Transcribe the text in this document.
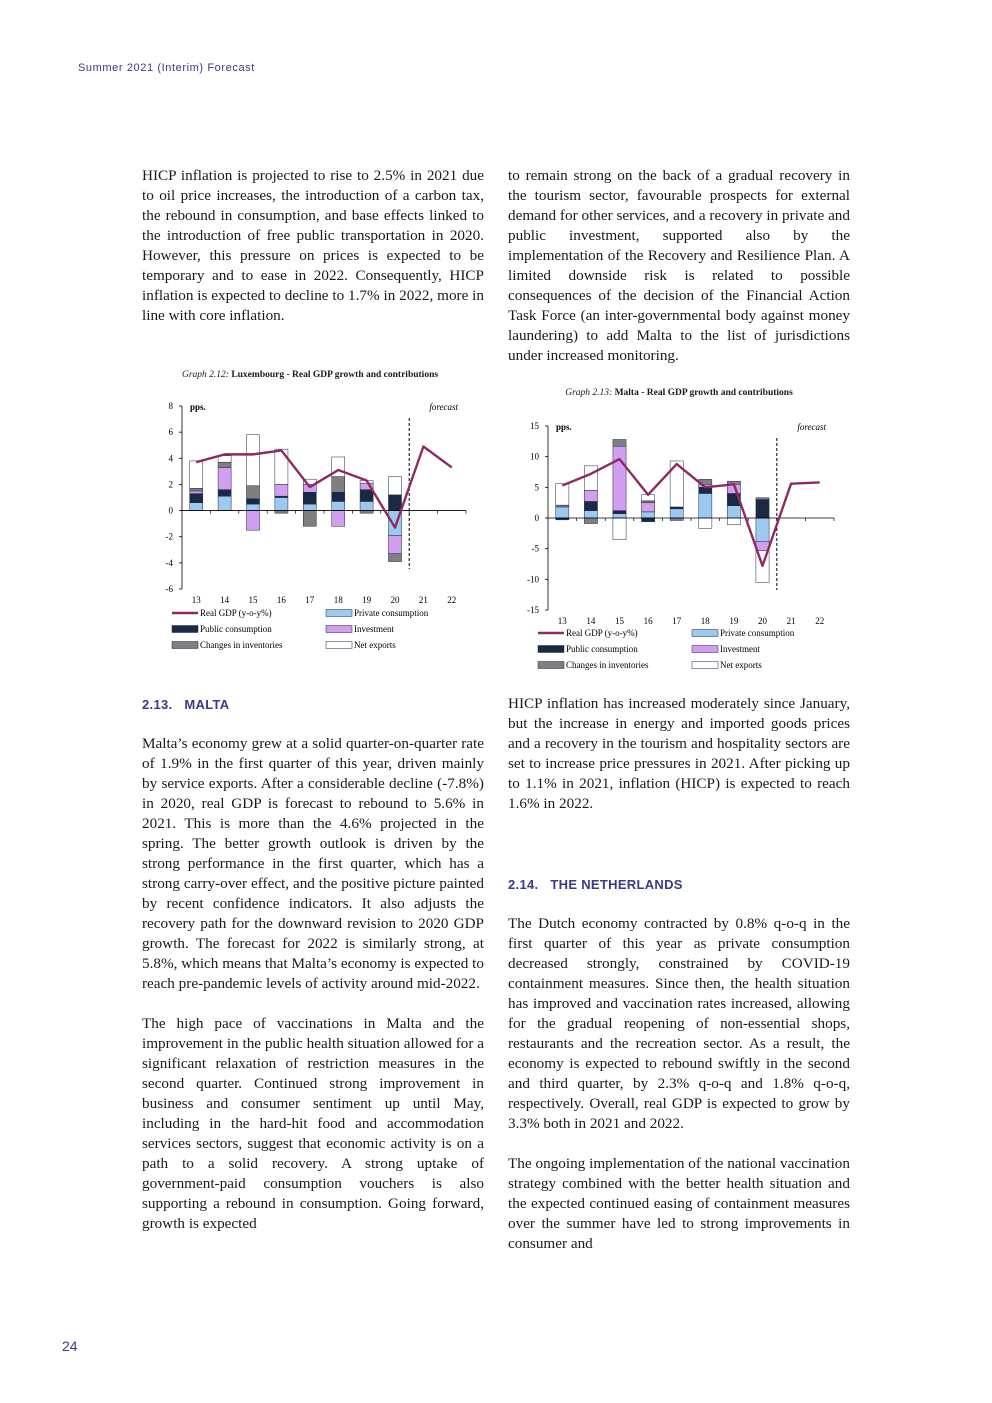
Summer 2021 (Interim) Forecast

HICP inflation is projected to rise to 2.5% in 2021 due to oil price increases, the introduction of a carbon tax, the rebound in consumption, and base effects linked to the introduction of free public transportation in 2020. However, this pressure on prices is expected to be temporary and to ease in 2022. Consequently, HICP inflation is expected to decline to 1.7% in 2022, more in line with core inflation.

to remain strong on the back of a gradual recovery in the tourism sector, favourable prospects for external demand for other services, and a recovery in private and public investment, supported also by the implementation of the Recovery and Resilience Plan. A limited downside risk is related to possible consequences of the decision of the Financial Action Task Force (an inter-governmental body against money laundering) to add Malta to the list of jurisdictions under increased monitoring.

Graph 2.12: Luxembourg - Real GDP growth and contributions
8
6
4
2
0
-2
-4
-6
13 14 15 16 17 18 19 20 21 22
forecast
pps.
Real GDP (y-o-y%)	Private consumption
Public consumption	Investment
Changes in inventories	Net exports
Graph 2.13: Malta - Real GDP growth and contributions
15
10
5
0
-5
-10
-15
13 14 15 16 17 18 19 20 21 22
forecast
pps.
Real GDP (y-o-y%)	Private consumption
Public consumption	Investment
Changes in inventories	Net exports
2.13. MALTA

Malta’s economy grew at a solid quarter-on-quarter rate of 1.9% in the first quarter of this year, driven mainly by service exports. After a considerable decline (-7.8%) in 2020, real GDP is forecast to rebound to 5.6% in 2021. This is more than the 4.6% projected in the spring. The better growth outlook is driven by the strong performance in the first quarter, which has a strong carry-over effect, and the positive picture painted by recent confidence indicators. It also adjusts the recovery path for the downward revision to 2020 GDP growth. The forecast for 2022 is similarly strong, at 5.8%, which means that Malta’s economy is expected to reach pre-pandemic levels of activity around mid-2022.

The high pace of vaccinations in Malta and the improvement in the public health situation allowed for a significant relaxation of restriction measures in the second quarter. Continued strong improvement in business and consumer sentiment up until May, including in the hard-hit food and accommodation services sectors, suggest that economic activity is on a path to a solid recovery. A strong uptake of government-paid consumption vouchers is also supporting a rebound in consumption. Going forward, growth is expected

HICP inflation has increased moderately since January, but the increase in energy and imported goods prices and a recovery in the tourism and hospitality sectors are set to increase price pressures in 2021. After picking up to 1.1% in 2021, inflation (HICP) is expected to reach 1.6% in 2022.

2.14. THE NETHERLANDS

The Dutch economy contracted by 0.8% q-o-q in the first quarter of this year as private consumption decreased strongly, constrained by COVID-19 containment measures. Since then, the health situation has improved and vaccination rates increased, allowing for the gradual reopening of non-essential shops, restaurants and the recreation sector. As a result, the economy is expected to rebound swiftly in the second and third quarter, by 2.3% q-o-q and 1.8% q-o-q, respectively. Overall, real GDP is expected to grow by 3.3% both in 2021 and 2022.

The ongoing implementation of the national vaccination strategy combined with the better health situation and the expected continued easing of containment measures over the summer have led to strong improvements in consumer and

24
